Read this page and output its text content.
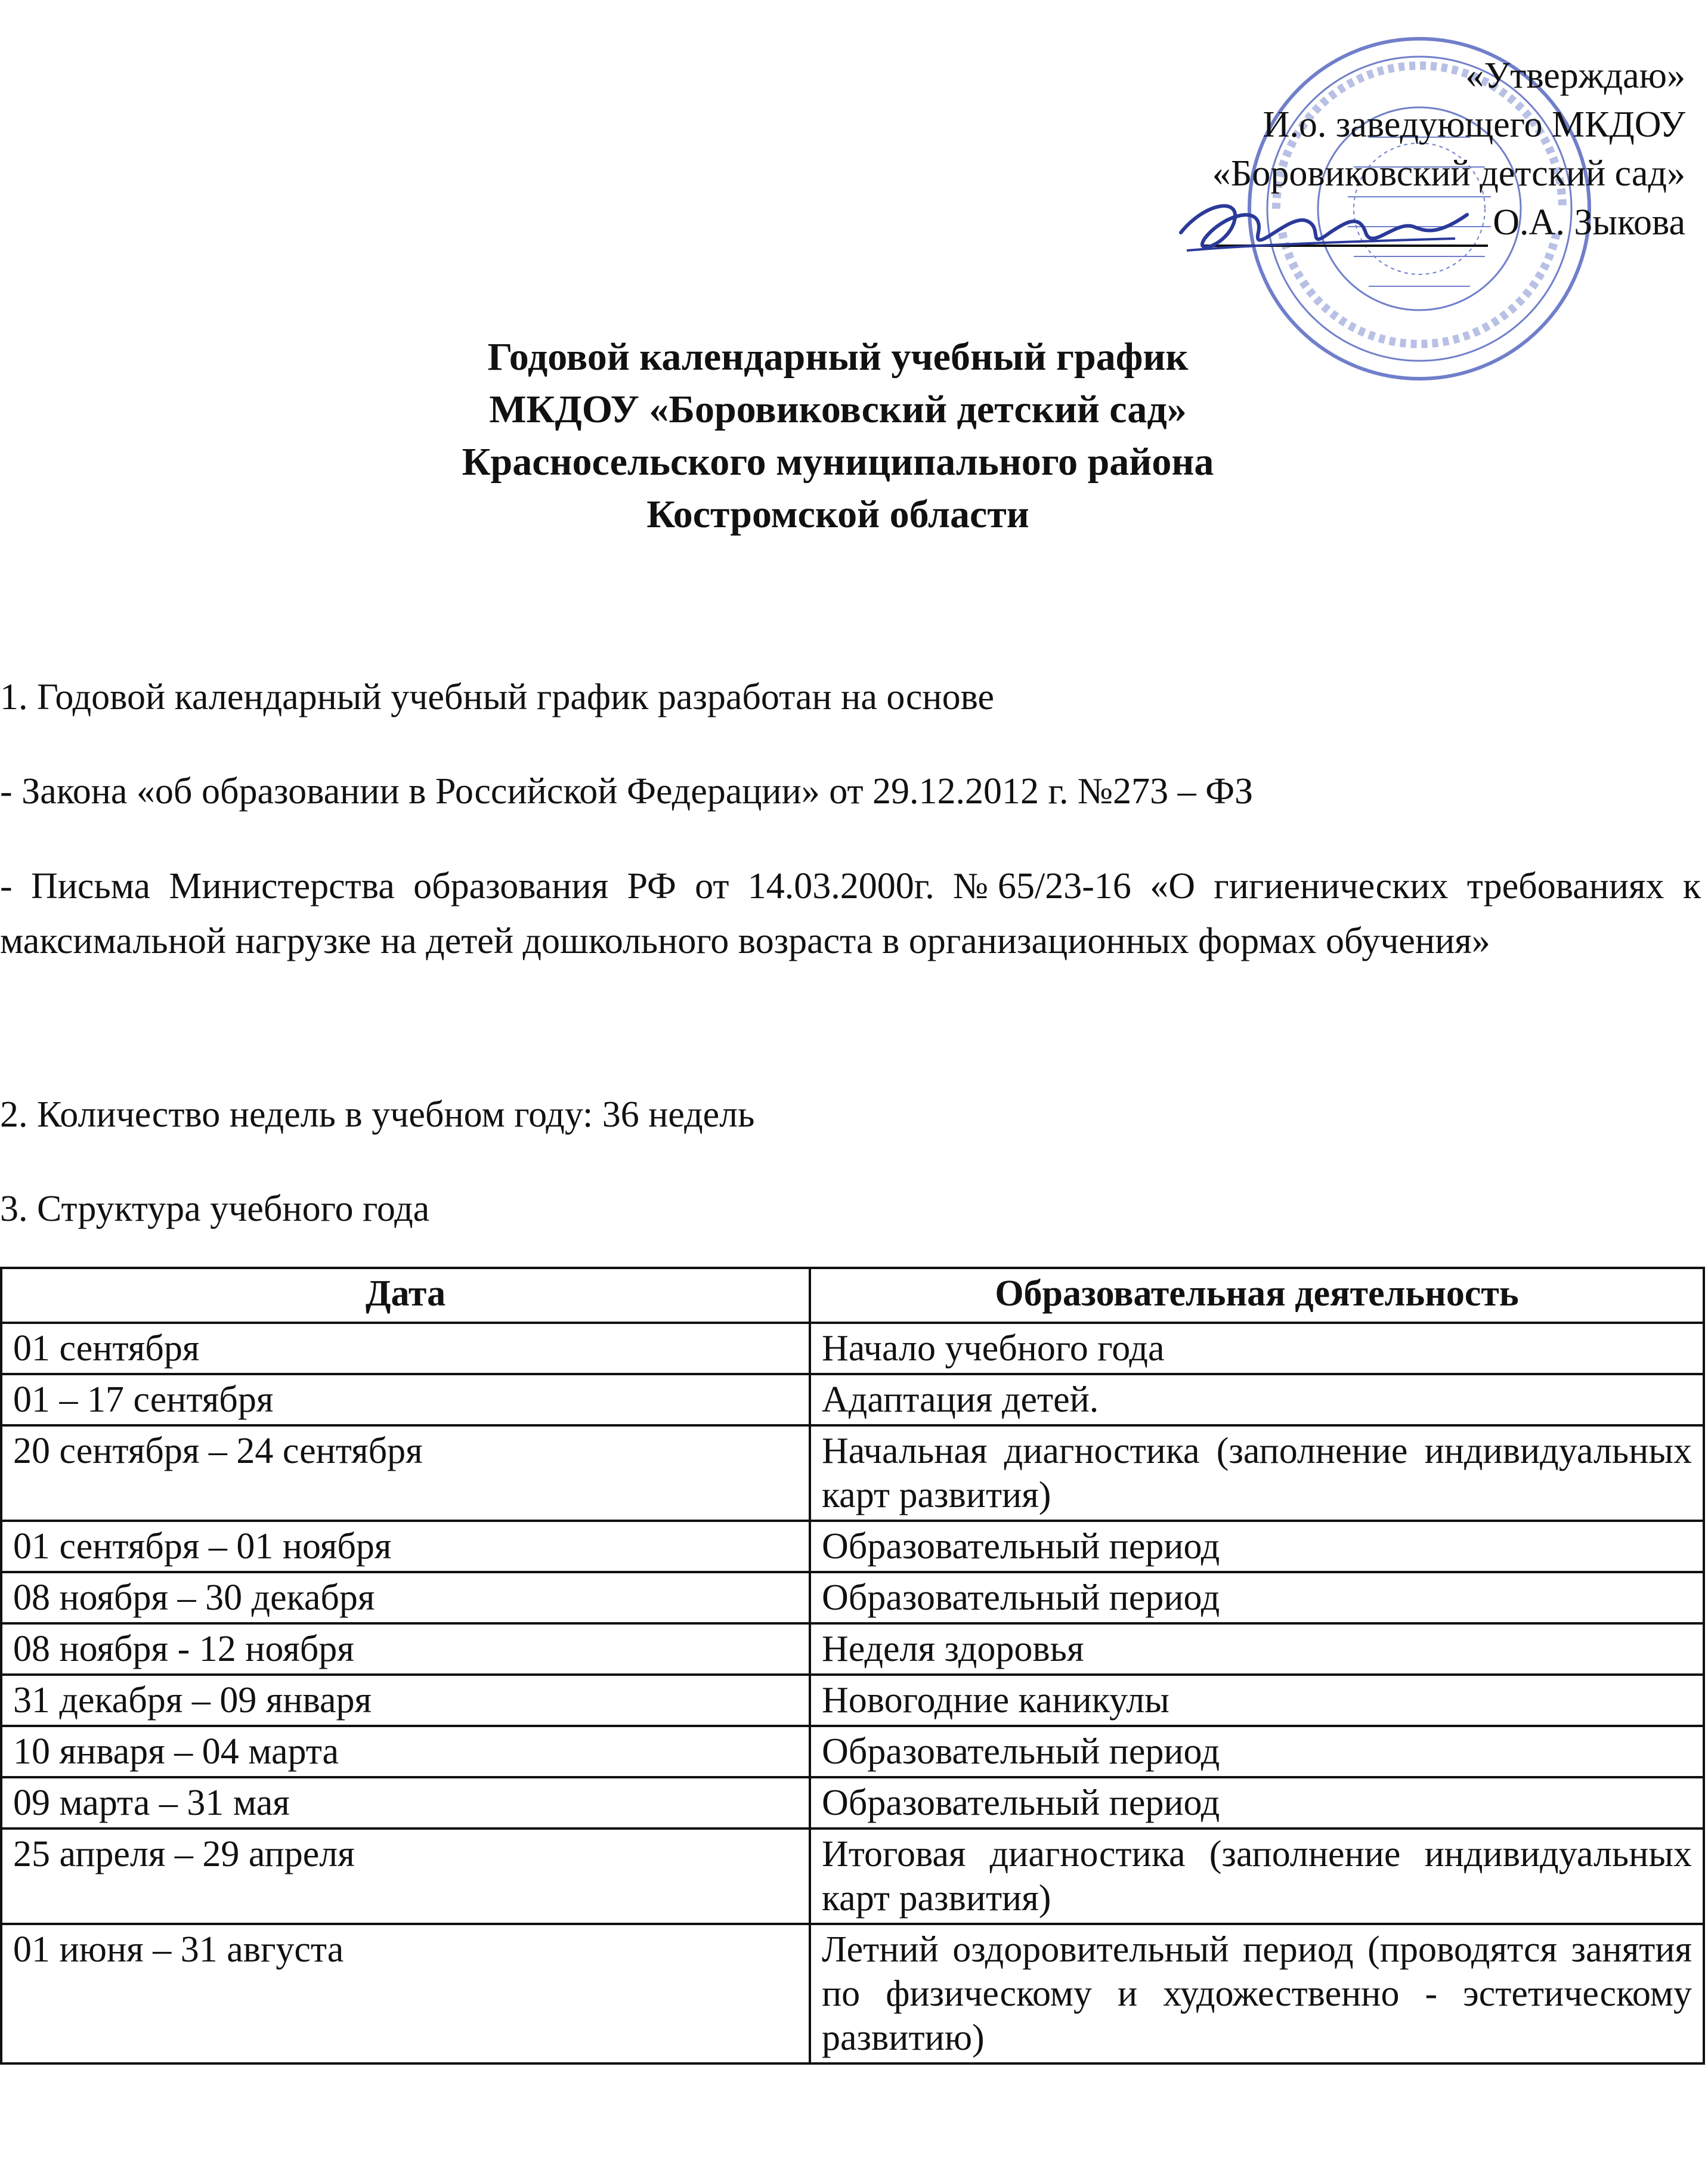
«Утверждаю»
И.о. заведующего МКДОУ
«Боровиковский детский сад»
О.А. Зыкова
Годовой календарный учебный график
МКДОУ «Боровиковский детский сад»
Красносельского муниципального района
Костромской области

1. Годовой календарный учебный график разработан на основе

- Закона «об образовании в Российской Федерации» от 29.12.2012 г. №273 – ФЗ

- Письма Министерства образования РФ от 14.03.2000г. №65/23-16 «О гигиенических требованиях к максимальной нагрузке на детей дошкольного возраста в организационных формах обучения»

2. Количество недель в учебном году: 36 недель

3. Структура учебного года

Дата	Образовательная деятельность
01 сентября	Начало учебного года
01 – 17 сентября	Адаптация детей.
20 сентября – 24 сентября	Начальная диагностика (заполнение индивидуальных карт развития)
01 сентября – 01 ноября	Образовательный период
08 ноября – 30 декабря	Образовательный период
08 ноября - 12 ноября	Неделя здоровья
31 декабря – 09 января	Новогодние каникулы
10 января – 04 марта	Образовательный период
09 марта – 31 мая	Образовательный период
25 апреля – 29 апреля	Итоговая диагностика (заполнение индивидуальных карт развития)
01 июня – 31 августа	Летний оздоровительный период (проводятся занятия по физическому и художественно - эстетическому развитию)
